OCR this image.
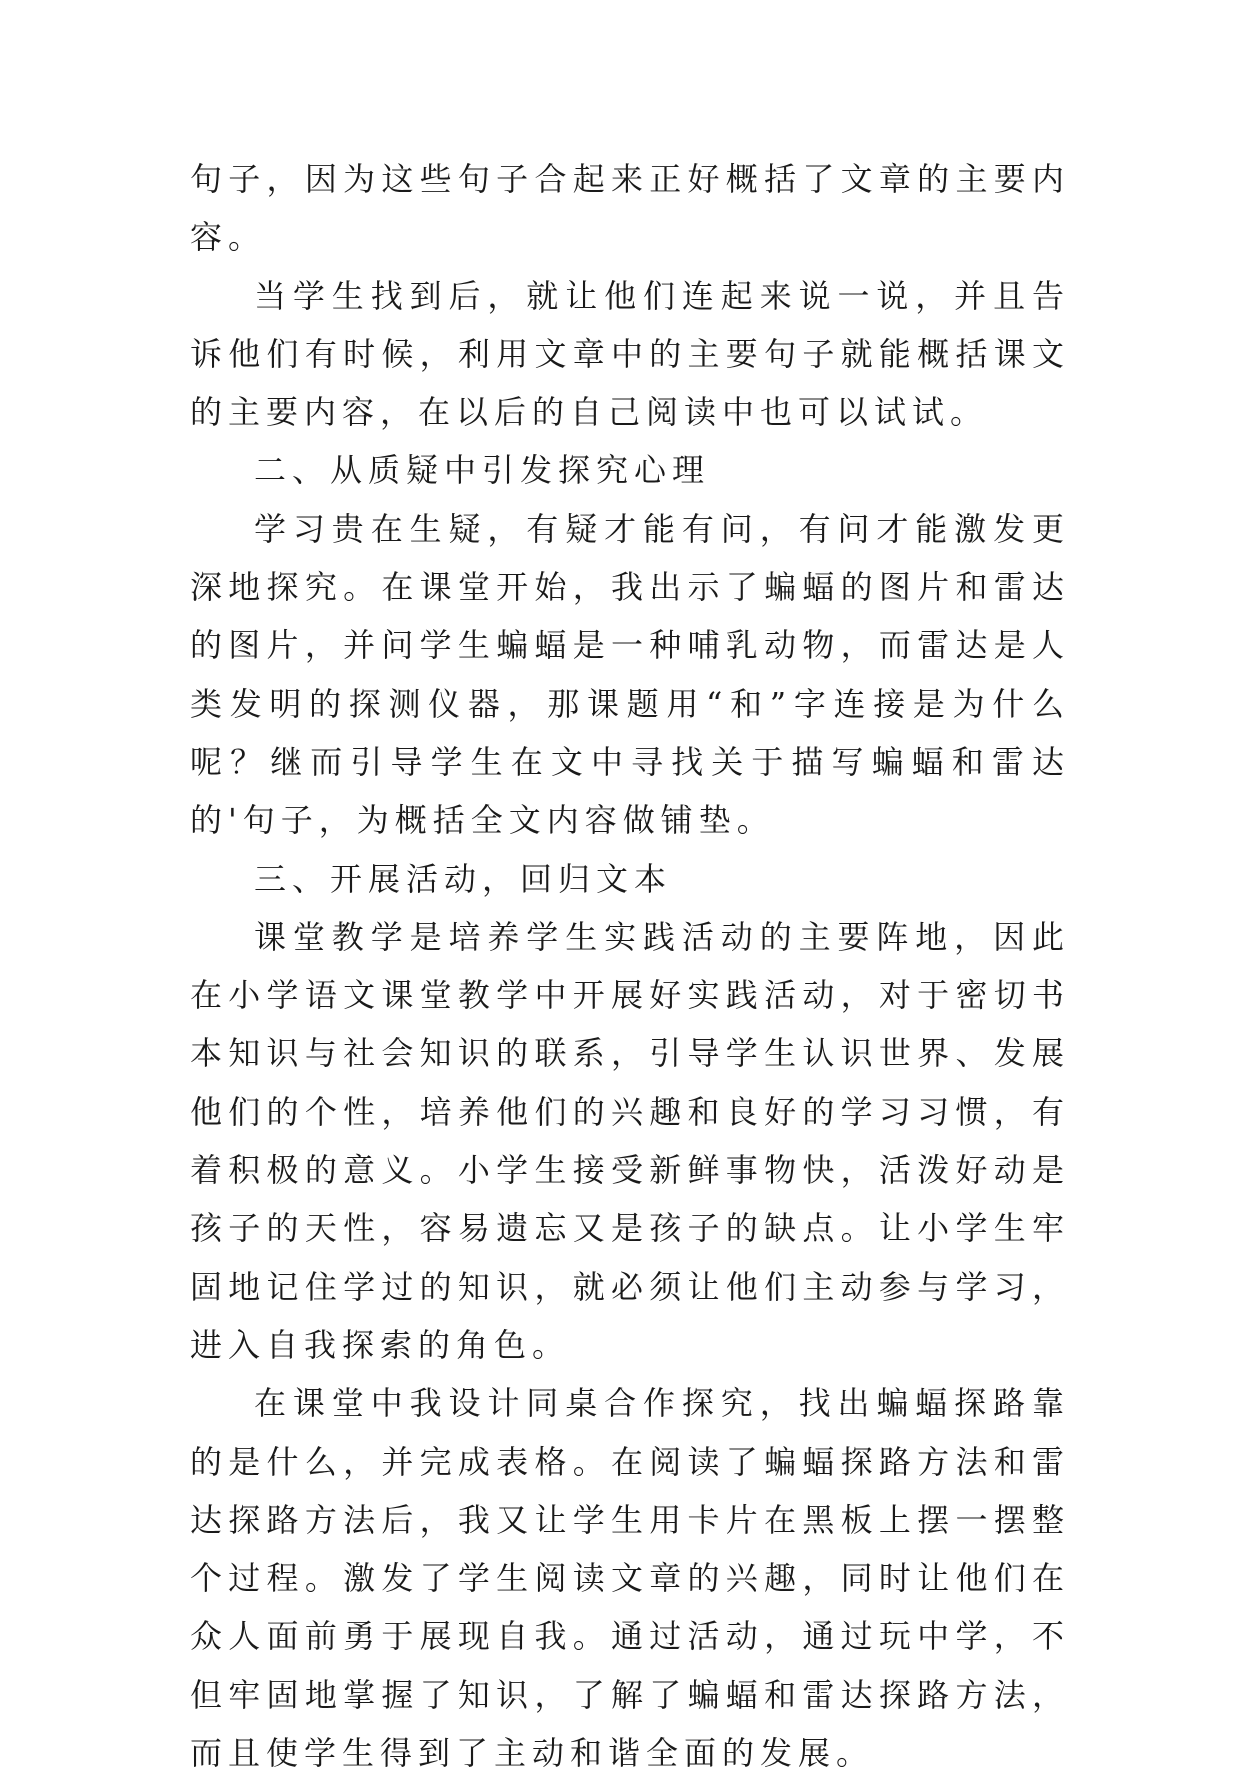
句子，因为这些句子合起来正好概括了文章的主要内容。

当学生找到后，就让他们连起来说一说，并且告诉他们有时候，利用文章中的主要句子就能概括课文的主要内容，在以后的自己阅读中也可以试试。

二、从质疑中引发探究心理

学习贵在生疑，有疑才能有问，有问才能激发更深地探究。在课堂开始，我出示了蝙蝠的图片和雷达的图片，并问学生蝙蝠是一种哺乳动物，而雷达是人类发明的探测仪器，那课题用“和”字连接是为什么呢？继而引导学生在文中寻找关于描写蝙蝠和雷达的'句子，为概括全文内容做铺垫。

三、开展活动，回归文本

课堂教学是培养学生实践活动的主要阵地，因此在小学语文课堂教学中开展好实践活动，对于密切书本知识与社会知识的联系，引导学生认识世界、发展他们的个性，培养他们的兴趣和良好的学习习惯，有着积极的意义。小学生接受新鲜事物快，活泼好动是孩子的天性，容易遗忘又是孩子的缺点。让小学生牢固地记住学过的知识，就必须让他们主动参与学习，进入自我探索的角色。

在课堂中我设计同桌合作探究，找出蝙蝠探路靠的是什么，并完成表格。在阅读了蝙蝠探路方法和雷达探路方法后，我又让学生用卡片在黑板上摆一摆整个过程。激发了学生阅读文章的兴趣，同时让他们在众人面前勇于展现自我。通过活动，通过玩中学，不但牢固地掌握了知识，了解了蝙蝠和雷达探路方法，而且使学生得到了主动和谐全面的发展。
